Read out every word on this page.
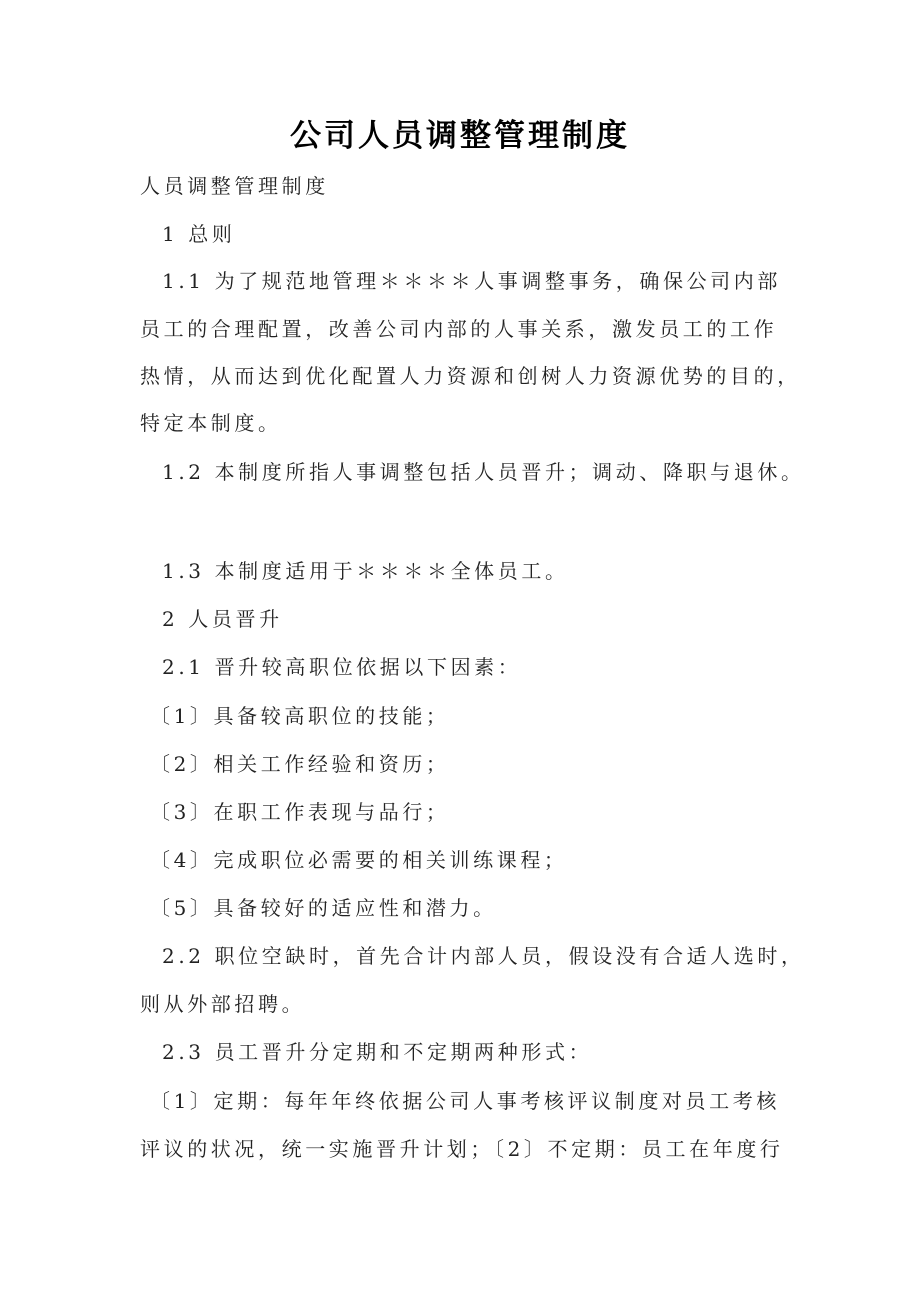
公司人员调整管理制度
人员调整管理制度
1 总则
1.1 为了规范地管理＊＊＊＊人事调整事务，确保公司内部
员工的合理配置，改善公司内部的人事关系，激发员工的工作
热情，从而达到优化配置人力资源和创树人力资源优势的目的，
特定本制度。
1.2 本制度所指人事调整包括人员晋升；调动、降职与退休。
1.3 本制度适用于＊＊＊＊全体员工。
2 人员晋升
2.1 晋升较高职位依据以下因素：
〔1〕具备较高职位的技能；
〔2〕相关工作经验和资历；
〔3〕在职工作表现与品行；
〔4〕完成职位必需要的相关训练课程；
〔5〕具备较好的适应性和潜力。
2.2 职位空缺时，首先合计内部人员，假设没有合适人选时，
则从外部招聘。
2.3 员工晋升分定期和不定期两种形式：
〔1〕定期：每年年终依据公司人事考核评议制度对员工考核
评议的状况，统一实施晋升计划；〔2〕不定期：员工在年度行
